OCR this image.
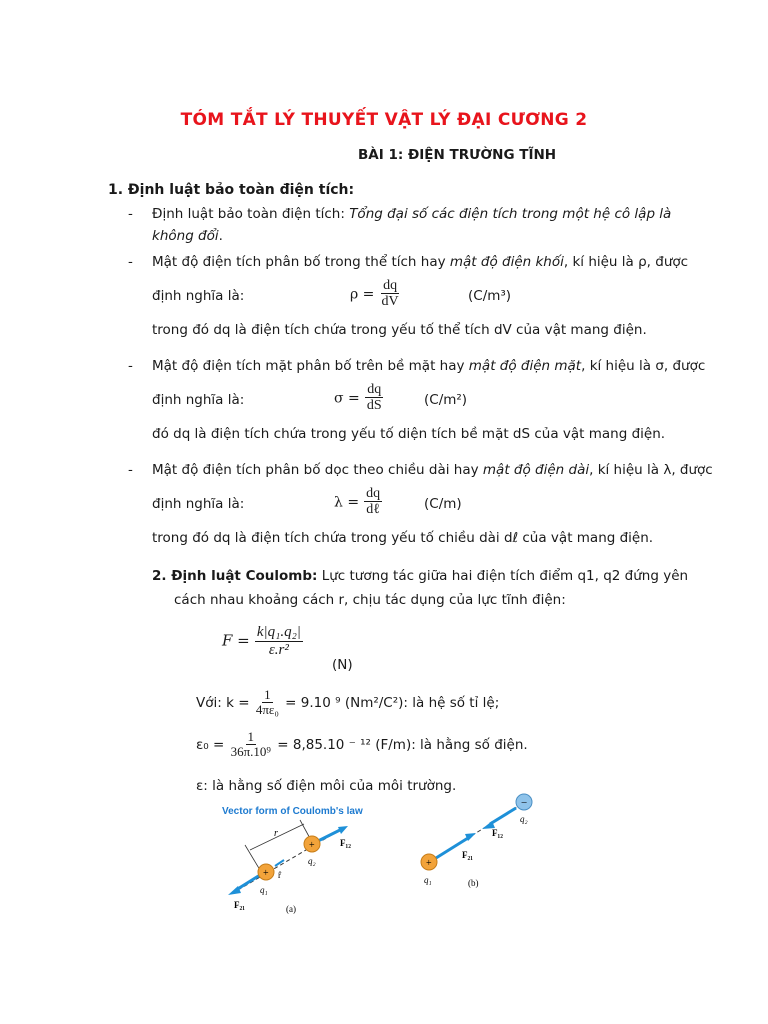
TÓM TẮT LÝ THUYẾT VẬT LÝ ĐẠI CƯƠNG 2
BÀI 1: ĐIỆN TRƯỜNG TĨNH
1. Định luật bảo toàn điện tích:
- Định luật bảo toàn điện tích: Tổng đại số các điện tích trong một hệ cô lập là
không đổi.
- Mật độ điện tích phân bố trong thể tích hay mật độ điện khối, kí hiệu là ρ, được
định nghĩa là:	$\rho = \frac{dq}{dV}$	(C/m³)
trong đó dq là điện tích chứa trong yếu tố thể tích dV của vật mang điện.
- Mật độ điện tích mặt phân bố trên bề mặt hay mật độ điện mặt, kí hiệu là σ, được
định nghĩa là:	$\sigma = \frac{dq}{dS}$	(C/m²)
đó dq là điện tích chứa trong yếu tố diện tích bề mặt dS của vật mang điện.
- Mật độ điện tích phân bố dọc theo chiều dài hay mật độ điện dài, kí hiệu là λ, được
định nghĩa là:	$\lambda = \frac{dq}{\text{dℓ}}$	(C/m)
trong đó dq là điện tích chứa trong yếu tố chiều dài dℓ của vật mang điện.
2. Định luật Coulomb: Lực tương tác giữa hai điện tích điểm q1, q2 đứng yên
cách nhau khoảng cách r, chịu tác dụng của lực tĩnh điện:
$F = \frac{\text{k|q₁.q₂|}}{\text{ε.r²}}$
(N)
Với: $k = \frac{1}{\text{4πε₀}} = 9.10$ ⁹ (Nm²/C²): là hệ số tỉ lệ;
$\varepsilon_0 = \frac{1}{\text{36π.10⁹}} = 8,85.10$ ⁻ ¹² (F/m): là hằng số điện.
ε: là hằng số điện môi của môi trường.
Vector form of Coulomb's law
+
+
r
q₁
q₂
r̂
F₁₂
F₂₁	(a)
+
−
q₁
q₂
F₂₁
F₁₂
(b)
